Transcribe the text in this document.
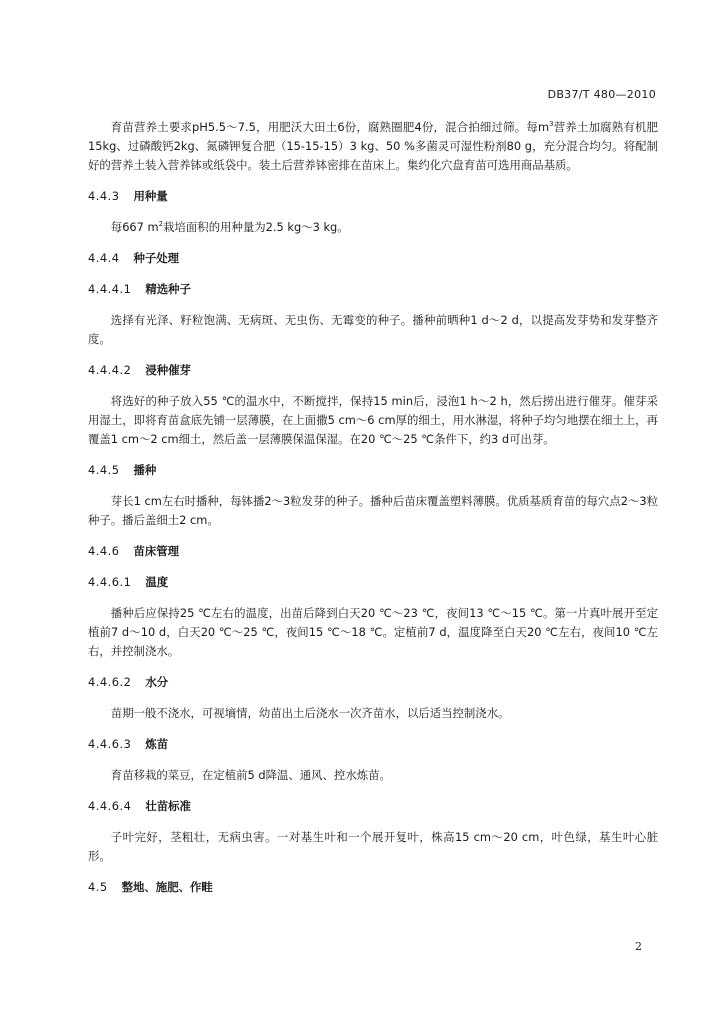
DB37/T 480—2010

育苗营养土要求pH5.5～7.5，用肥沃大田土6份，腐熟圈肥4份，混合拍细过筛。每$m^3$营养土加腐熟有机肥15kg、过磷酸钙2kg、氮磷钾复合肥（15-15-15）3 kg、50 %多菌灵可湿性粉剂80 g，充分混合均匀。将配制好的营养土装入营养钵或纸袋中。装土后营养钵密排在苗床上。集约化穴盘育苗可选用商品基质。

4.4.3 用种量

每667 $m^2$栽培面积的用种量为2.5 kg～3 kg。

4.4.4 种子处理
4.4.4.1 精选种子

选择有光泽、籽粒饱满、无病斑、无虫伤、无霉变的种子。播种前晒种1 d～2 d，以提高发芽势和发芽整齐度。

4.4.4.2 浸种催芽

将选好的种子放入55 ℃的温水中，不断搅拌，保持15 min后，浸泡1 h～2 h，然后捞出进行催芽。催芽采用湿土，即将育苗盒底先铺一层薄膜，在上面撒5 cm～6 cm厚的细土，用水淋湿，将种子均匀地摆在细土上，再覆盖1 cm～2 cm细土，然后盖一层薄膜保温保湿。在20 ℃～25 ℃条件下，约3 d可出芽。

4.4.5 播种

芽长1 cm左右时播种，每钵播2～3粒发芽的种子。播种后苗床覆盖塑料薄膜。优质基质育苗的每穴点2～3粒种子。播后盖细土2 cm。

4.4.6 苗床管理
4.4.6.1 温度

播种后应保持25 ℃左右的温度，出苗后降到白天20 ℃～23 ℃，夜间13 ℃～15 ℃。第一片真叶展开至定植前7 d～10 d，白天20 ℃～25 ℃，夜间15 ℃～18 ℃。定植前7 d，温度降至白天20 ℃左右，夜间10 ℃左右，并控制浇水。

4.4.6.2 水分

苗期一般不浇水，可视墒情，幼苗出土后浇水一次齐苗水，以后适当控制浇水。

4.4.6.3 炼苗

育苗移栽的菜豆，在定植前5 d降温、通风、控水炼苗。

4.4.6.4 壮苗标准

子叶完好，茎粗壮，无病虫害。一对基生叶和一个展开复叶，株高15 cm～20 cm，叶色绿，基生叶心脏形。

4.5 整地、施肥、作畦
2
